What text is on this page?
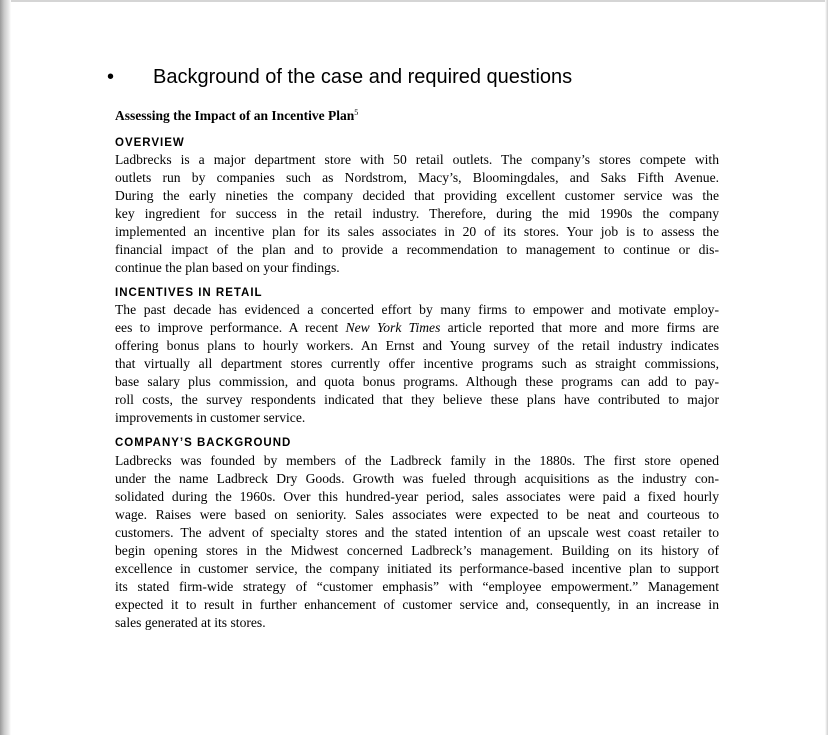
• Background of the case and required questions
Assessing the Impact of an Incentive Plan$^5$
OVERVIEW
Ladbrecks is a major department store with 50 retail outlets. The company’s stores compete with
outlets run by companies such as Nordstrom, Macy’s, Bloomingdales, and Saks Fifth Avenue.
During the early nineties the company decided that providing excellent customer service was the
key ingredient for success in the retail industry. Therefore, during the mid 1990s the company
implemented an incentive plan for its sales associates in 20 of its stores. Your job is to assess the
financial impact of the plan and to provide a recommendation to management to continue or dis-
continue the plan based on your findings.
INCENTIVES IN RETAIL
The past decade has evidenced a concerted effort by many firms to empower and motivate employ-
ees to improve performance. A recent New York Times article reported that more and more firms are
offering bonus plans to hourly workers. An Ernst and Young survey of the retail industry indicates
that virtually all department stores currently offer incentive programs such as straight commissions,
base salary plus commission, and quota bonus programs. Although these programs can add to pay-
roll costs, the survey respondents indicated that they believe these plans have contributed to major
improvements in customer service.
COMPANY’S BACKGROUND
Ladbrecks was founded by members of the Ladbreck family in the 1880s. The first store opened
under the name Ladbreck Dry Goods. Growth was fueled through acquisitions as the industry con-
solidated during the 1960s. Over this hundred-year period, sales associates were paid a fixed hourly
wage. Raises were based on seniority. Sales associates were expected to be neat and courteous to
customers. The advent of specialty stores and the stated intention of an upscale west coast retailer to
begin opening stores in the Midwest concerned Ladbreck’s management. Building on its history of
excellence in customer service, the company initiated its performance-based incentive plan to support
its stated firm-wide strategy of “customer emphasis” with “employee empowerment.” Management
expected it to result in further enhancement of customer service and, consequently, in an increase in
sales generated at its stores.
